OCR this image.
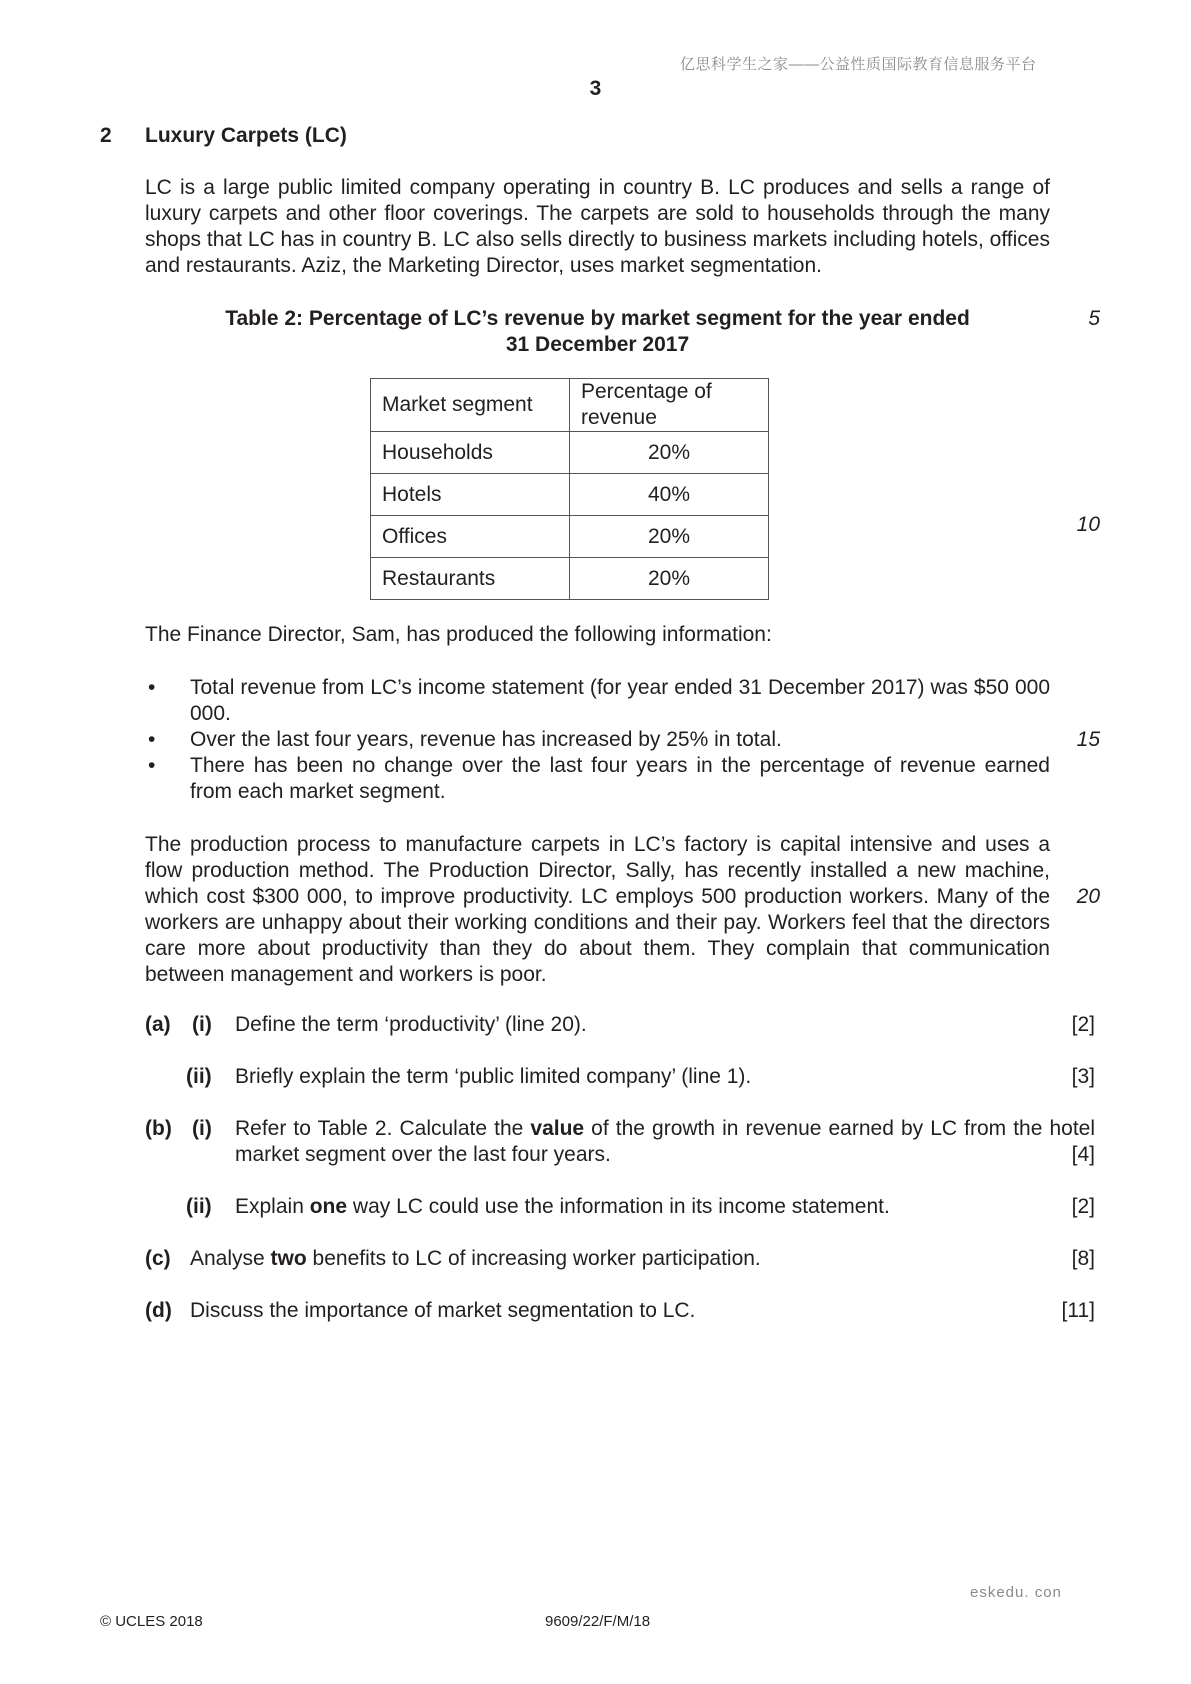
亿思科学生之家——公益性质国际教育信息服务平台
3
2 Luxury Carpets (LC)

LC is a large public limited company operating in country B. LC produces and sells a range of luxury carpets and other floor coverings. The carpets are sold to households through the many shops that LC has in country B. LC also sells directly to business markets including hotels, offices and restaurants. Aziz, the Marketing Director, uses market segmentation.

Table 2: Percentage of LC’s revenue by market segment for the year ended
31 December 2017
5
10
15
20
Market segment	Percentage of revenue
Households	20%
Hotels	40%
Offices	20%
Restaurants	20%

The Finance Director, Sam, has produced the following information:

• Total revenue from LC’s income statement (for year ended 31 December 2017) was $50 000 000.

• Over the last four years, revenue has increased by 25% in total.

• There has been no change over the last four years in the percentage of revenue earned from each market segment.

The production process to manufacture carpets in LC’s factory is capital intensive and uses a flow production method. The Production Director, Sally, has recently installed a new machine, which cost $300 000, to improve productivity. LC employs 500 production workers. Many of the workers are unhappy about their working conditions and their pay. Workers feel that the directors care more about productivity than they do about them. They complain that communication between management and workers is poor.

(a) (i) Define the term ‘productivity’ (line 20).	[2]
(ii) Briefly explain the term ‘public limited company’ (line 1).	[3]
(b) (i) Refer to Table 2. Calculate the value of the growth in revenue earned by LC from the hotel market segment over the last four years.	[4]
(ii) Explain one way LC could use the information in its income statement.	[2]
(c) Analyse two benefits to LC of increasing worker participation.	[8]
(d) Discuss the importance of market segmentation to LC.	[11]
eskedu. con
© UCLES 2018	9609/22/F/M/18
